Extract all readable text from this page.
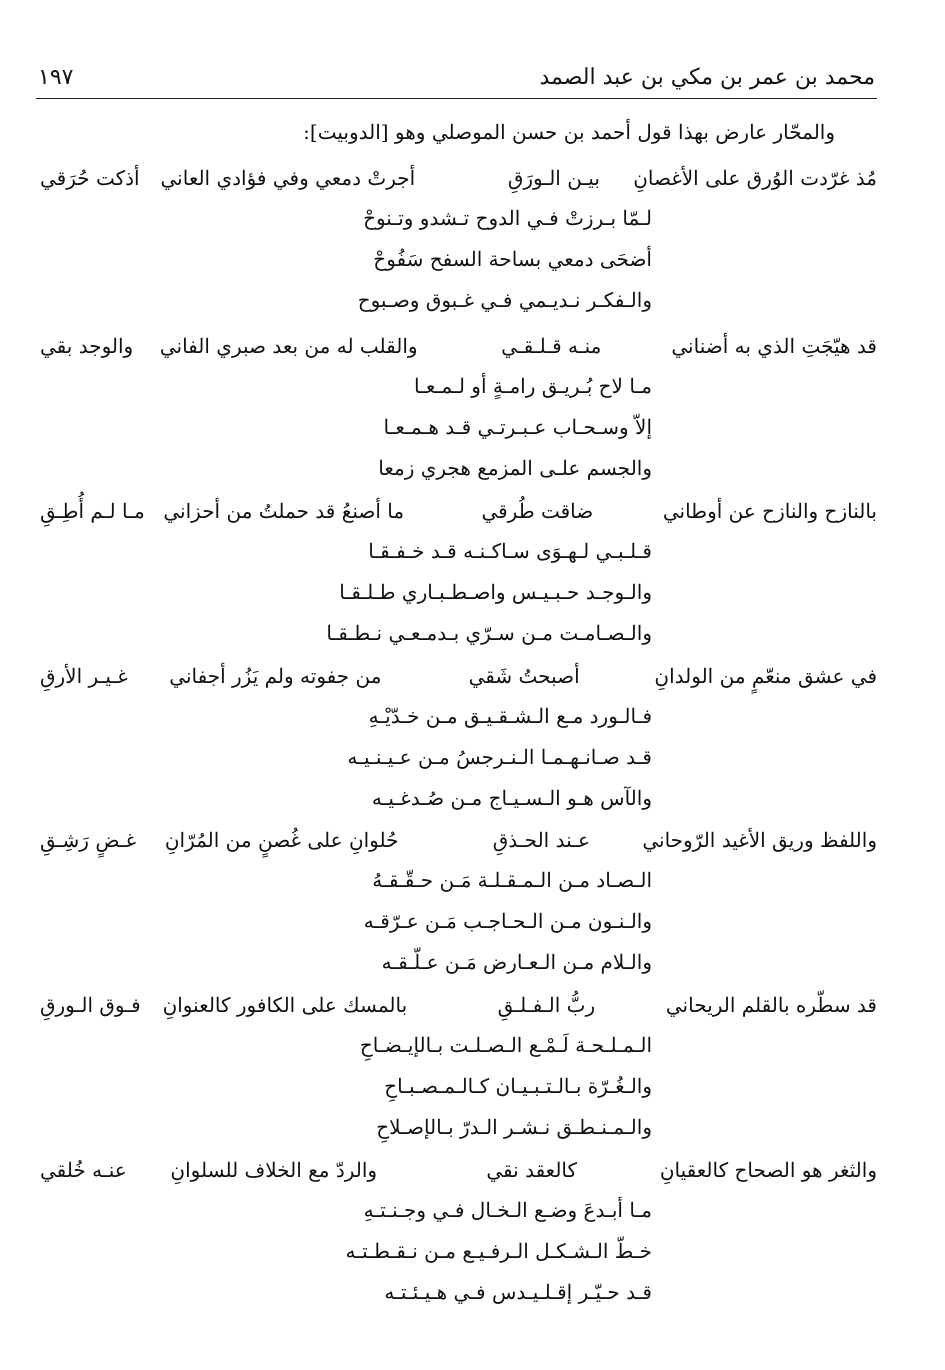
محمد بن عمر بن مكي بن عبد الصمد
١٩٧
والمحّار عارض بهذا قول أحمد بن حسن الموصلي وهو [الدوبيت]:
مُذ غرّدت الوُرق على الأغصانِ
بيـن الـورَقِ
أجرتْ دمعي وفي فؤادي العاني
أذكت حُرَقي
لـمّا بـرزتْ فـي الدوح تـشدو وتـنوحْ
أضحَى دمعي بساحة السفح سَفُوحْ
والـفكـر نـديـمي فـي غـبوق وصـبوح
قد هيّجَتِ الذي به أضناني
منـه قـلـقـي
والقلب له من بعد صبري الفاني
والوجد بقي
مـا لاح بُـريـق رامـةٍ أو لـمـعـا
إلاّ وسـحـاب عـبـرتـي قـد هـمـعـا
والجسم علـى المزمع هجري زمعا
بالنازح والنازح عن أوطاني
ضاقت طُرقي
ما أصنعُ قد حملتُ من أحزاني
مـا لـم أُطِـقِ
قـلـبـي لـهـوَى سـاكـنـه قـد خـفـقـا
والـوجـد حـبـيـس واصـطـبـاري طـلـقـا
والـصـامـت مـن سـرّي بـدمـعـي نـطـقـا
في عشق منعّمٍ من الولدانِ
أصبحتُ شَقي
من جفوته ولم يَزُر أجفاني
غـيـر الأرقِ
فـالـورد مـع الـشـقـيـق مـن خـدّيْـهِ
قـد صـانـهـمـا الـنـرجسُ مـن عـيـنـيـه
والآس هـو الـسـيـاج مـن صُـدغـيـه
واللفظ وريق الأغيد الرّوحاني
عـند الحـذقِ
حُلوانِ على غُصنٍ من المُرّانِ
غـضٍ رَشِـقِ
الـصـاد مـن الـمـقـلـة مَـن حـقّـقـهُ
والـنـون مـن الـحـاجـب مَـن عـرّقـه
والـلام مـن الـعـارض مَـن عـلّـقـه
قد سطّره بالقلم الريحاني
ربُّ الـفـلـقِ
بالمسك على الكافور كالعنوانِ
فـوق الـورقِ
الـمـلـحـة لَـمْـع الـصـلـت بـالإيـضـاحِ
والـغُـرّة بـالـتـبـيـان كـالـمـصـبـاحِ
والـمـنـطـق نـشـر الـدرّ بـالإصـلاحِ
والثغر هو الصحاح كالعقيانِ
كالعقد نقي
والردّ مع الخلاف للسلوانِ
عنـه خُلقي
مـا أبـدعَ وضـع الـخـال فـي وجـنـتـهِ
خـطّ الـشـكـل الـرفـيـع مـن نـقـطـتـه
قـد حـيّـر إقـلـيـدس فـي هـيـئـتـه
